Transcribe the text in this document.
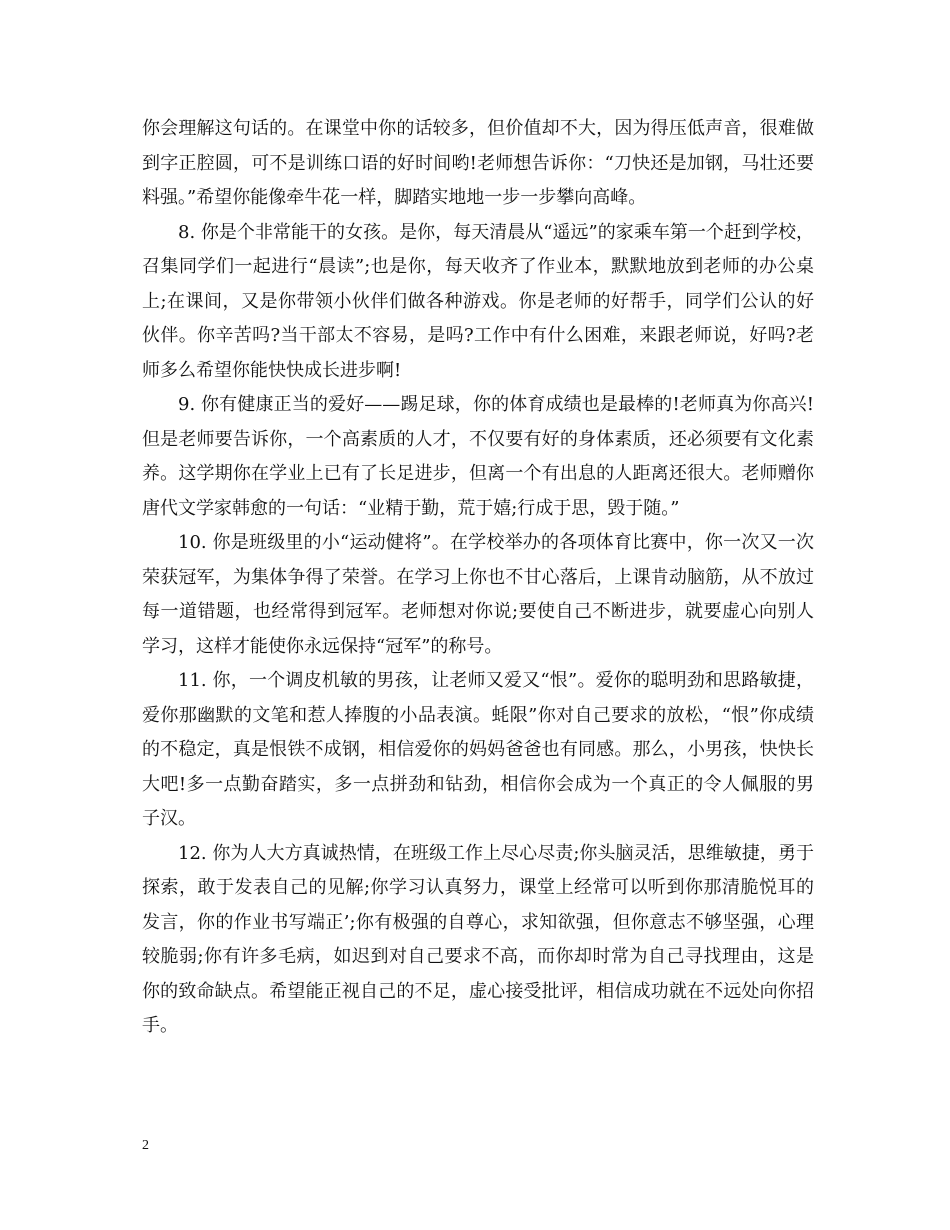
你会理解这句话的。在课堂中你的话较多，但价值却不大，因为得压低声音，很难做到字正腔圆，可不是训练口语的好时间哟!老师想告诉你：“刀快还是加钢，马壮还要料强。”希望你能像牵牛花一样，脚踏实地地一步一步攀向高峰。

8. 你是个非常能干的女孩。是你，每天清晨从“遥远”的家乘车第一个赶到学校，召集同学们一起进行“晨读”;也是你，每天收齐了作业本，默默地放到老师的办公桌上;在课间，又是你带领小伙伴们做各种游戏。你是老师的好帮手，同学们公认的好伙伴。你辛苦吗?当干部太不容易，是吗?工作中有什么困难，来跟老师说，好吗?老师多么希望你能快快成长进步啊!

9. 你有健康正当的爱好——踢足球，你的体育成绩也是最棒的!老师真为你高兴!但是老师要告诉你，一个高素质的人才，不仅要有好的身体素质，还必须要有文化素养。这学期你在学业上已有了长足进步，但离一个有出息的人距离还很大。老师赠你唐代文学家韩愈的一句话：“业精于勤，荒于嬉;行成于思，毁于随。”

10. 你是班级里的小“运动健将”。在学校举办的各项体育比赛中，你一次又一次荣获冠军，为集体争得了荣誉。在学习上你也不甘心落后，上课肯动脑筋，从不放过每一道错题，也经常得到冠军。老师想对你说;要使自己不断进步，就要虚心向别人学习，这样才能使你永远保持“冠军”的称号。

11. 你，一个调皮机敏的男孩，让老师又爱又“恨”。爱你的聪明劲和思路敏捷，爱你那幽默的文笔和惹人捧腹的小品表演。蚝限”你对自己要求的放松，“恨”你成绩的不稳定，真是恨铁不成钢，相信爱你的妈妈爸爸也有同感。那么，小男孩，快快长大吧!多一点勤奋踏实，多一点拼劲和钻劲，相信你会成为一个真正的令人佩服的男子汉。

12. 你为人大方真诚热情，在班级工作上尽心尽责;你头脑灵活，思维敏捷，勇于探索，敢于发表自己的见解;你学习认真努力，课堂上经常可以听到你那清脆悦耳的发言，你的作业书写端正’;你有极强的自尊心，求知欲强，但你意志不够坚强，心理较脆弱;你有许多毛病，如迟到对自己要求不高，而你却时常为自己寻找理由，这是你的致命缺点。希望能正视自己的不足，虚心接受批评，相信成功就在不远处向你招手。

2
